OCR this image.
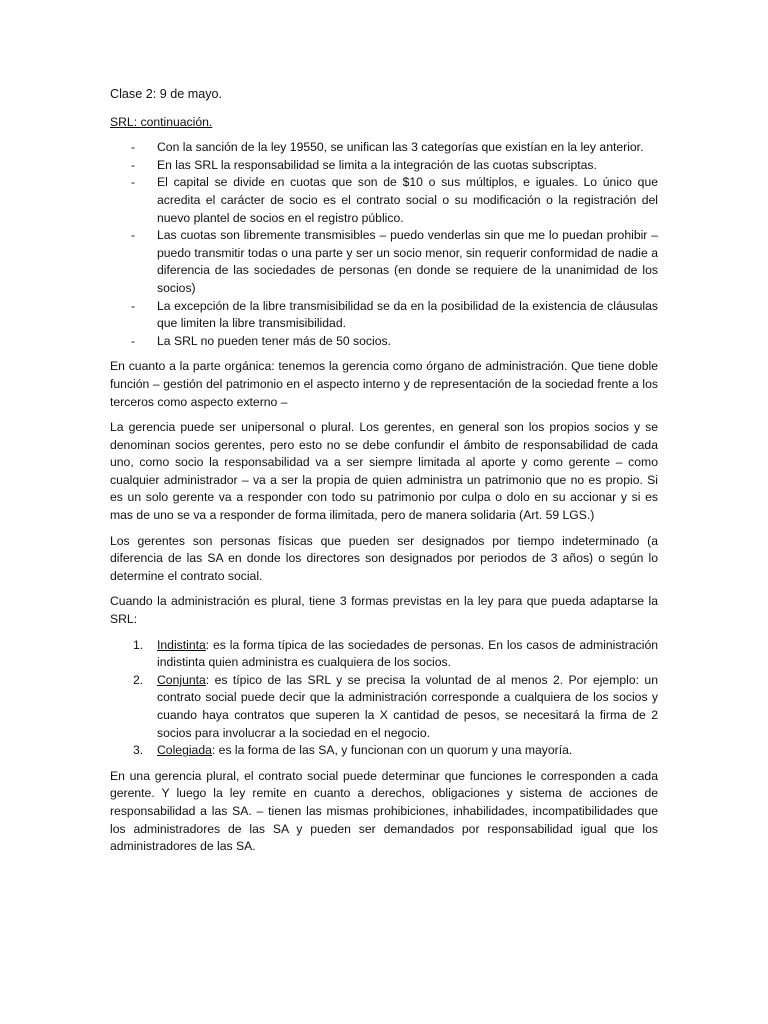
Clase 2: 9 de mayo.
SRL: continuación.
- Con la sanción de la ley 19550, se unifican las 3 categorías que existían en la ley anterior.
- En las SRL la responsabilidad se limita a la integración de las cuotas subscriptas.
- El capital se divide en cuotas que son de $10 o sus múltiplos, e iguales. Lo único que acredita el carácter de socio es el contrato social o su modificación o la registración del nuevo plantel de socios en el registro público.
- Las cuotas son libremente transmisibles – puedo venderlas sin que me lo puedan prohibir – puedo transmitir todas o una parte y ser un socio menor, sin requerir conformidad de nadie a diferencia de las sociedades de personas (en donde se requiere de la unanimidad de los socios)
- La excepción de la libre transmisibilidad se da en la posibilidad de la existencia de cláusulas que limiten la libre transmisibilidad.
- La SRL no pueden tener más de 50 socios.

En cuanto a la parte orgánica: tenemos la gerencia como órgano de administración. Que tiene doble función – gestión del patrimonio en el aspecto interno y de representación de la sociedad frente a los terceros como aspecto externo –

La gerencia puede ser unipersonal o plural. Los gerentes, en general son los propios socios y se denominan socios gerentes, pero esto no se debe confundir el ámbito de responsabilidad de cada uno, como socio la responsabilidad va a ser siempre limitada al aporte y como gerente – como cualquier administrador – va a ser la propia de quien administra un patrimonio que no es propio. Si es un solo gerente va a responder con todo su patrimonio por culpa o dolo en su accionar y si es mas de uno se va a responder de forma ilimitada, pero de manera solidaria (Art. 59 LGS.)

Los gerentes son personas físicas que pueden ser designados por tiempo indeterminado (a diferencia de las SA en donde los directores son designados por periodos de 3 años) o según lo determine el contrato social.

Cuando la administración es plural, tiene 3 formas previstas en la ley para que pueda adaptarse la SRL:

1. Indistinta: es la forma típica de las sociedades de personas. En los casos de administración indistinta quien administra es cualquiera de los socios.
2. Conjunta: es típico de las SRL y se precisa la voluntad de al menos 2. Por ejemplo: un contrato social puede decir que la administración corresponde a cualquiera de los socios y cuando haya contratos que superen la X cantidad de pesos, se necesitará la firma de 2 socios para involucrar a la sociedad en el negocio.
3. Colegiada: es la forma de las SA, y funcionan con un quorum y una mayoría.

En una gerencia plural, el contrato social puede determinar que funciones le corresponden a cada gerente. Y luego la ley remite en cuanto a derechos, obligaciones y sistema de acciones de responsabilidad a las SA. – tienen las mismas prohibiciones, inhabilidades, incompatibilidades que los administradores de las SA y pueden ser demandados por responsabilidad igual que los administradores de las SA.
